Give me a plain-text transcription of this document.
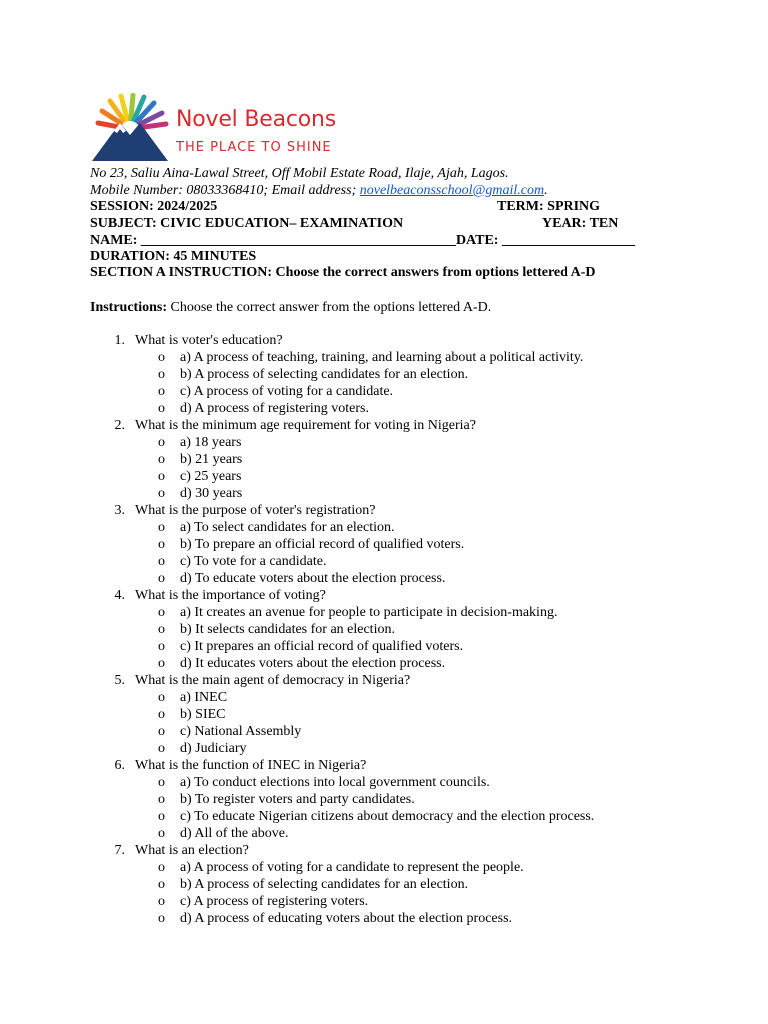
Novel Beacons
THE PLACE TO SHINE
No 23, Saliu Aina-Lawal Street, Off Mobil Estate Road, Ilaje, Ajah, Lagos.
Mobile Number: 08033368410; Email address; novelbeaconsschool@gmail.com.
SESSION: 2024/2025	TERM: SPRING
SUBJECT: CIVIC EDUCATION– EXAMINATION	YEAR: TEN
NAME: _____________________________________________DATE: ___________________
DURATION: 45 MINUTES
SECTION A INSTRUCTION: Choose the correct answers from options lettered A-D
Instructions: Choose the correct answer from the options lettered A-D.
1. What is voter's education?
o a) A process of teaching, training, and learning about a political activity.
o b) A process of selecting candidates for an election.
o c) A process of voting for a candidate.
o d) A process of registering voters.
2. What is the minimum age requirement for voting in Nigeria?
o a) 18 years
o b) 21 years
o c) 25 years
o d) 30 years
3. What is the purpose of voter's registration?
o a) To select candidates for an election.
o b) To prepare an official record of qualified voters.
o c) To vote for a candidate.
o d) To educate voters about the election process.
4. What is the importance of voting?
o a) It creates an avenue for people to participate in decision-making.
o b) It selects candidates for an election.
o c) It prepares an official record of qualified voters.
o d) It educates voters about the election process.
5. What is the main agent of democracy in Nigeria?
o a) INEC
o b) SIEC
o c) National Assembly
o d) Judiciary
6. What is the function of INEC in Nigeria?
o a) To conduct elections into local government councils.
o b) To register voters and party candidates.
o c) To educate Nigerian citizens about democracy and the election process.
o d) All of the above.
7. What is an election?
o a) A process of voting for a candidate to represent the people.
o b) A process of selecting candidates for an election.
o c) A process of registering voters.
o d) A process of educating voters about the election process.
